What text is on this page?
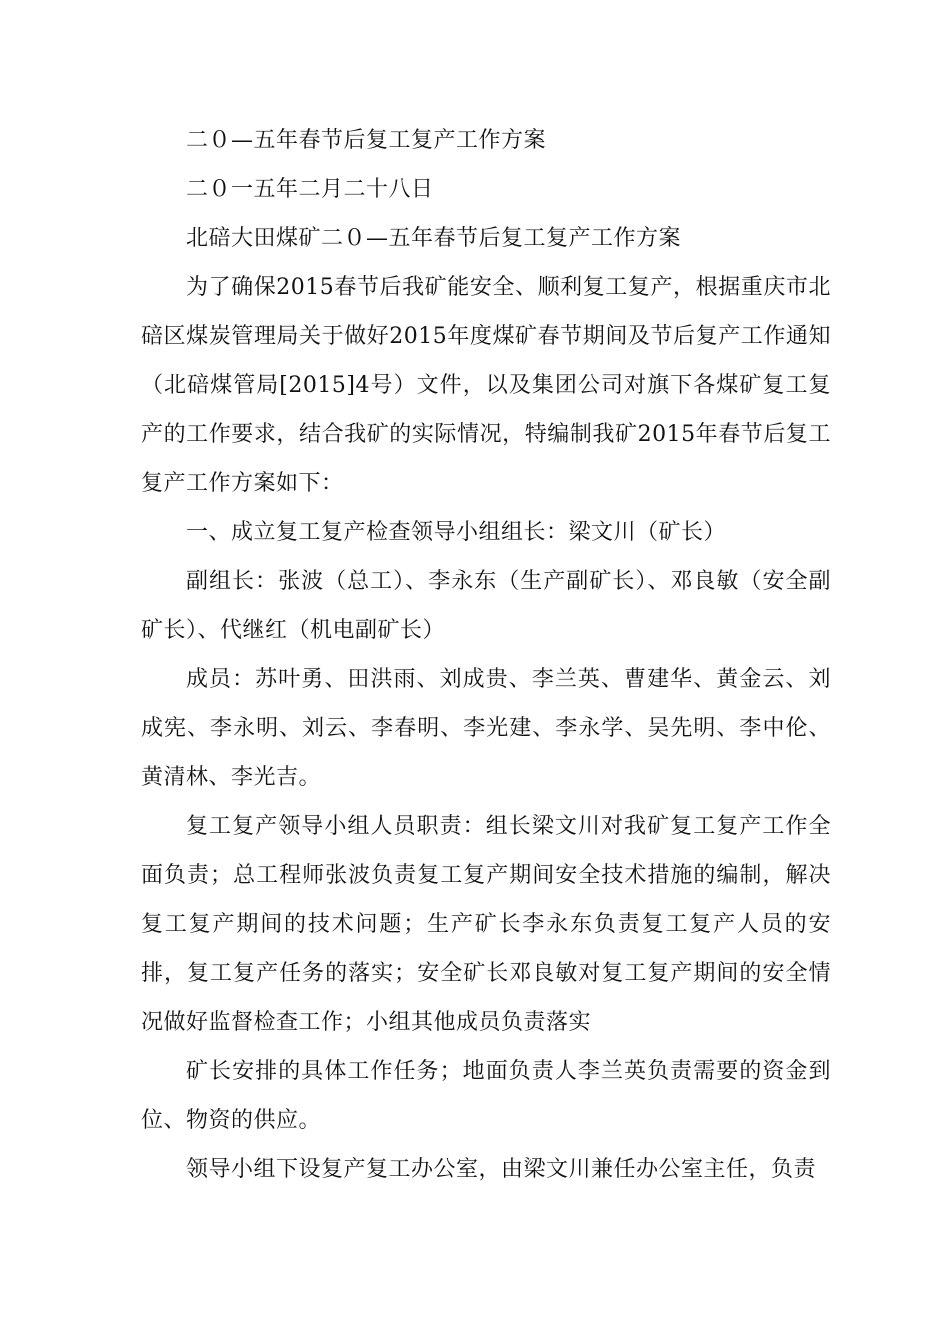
二０—五年春节后复工复产工作方案

二０一五年二月二十八日

北碚大田煤矿二０—五年春节后复工复产工作方案

为了确保2015春节后我矿能安全、顺利复工复产，根据重庆市北碚区煤炭管理局关于做好2015年度煤矿春节期间及节后复产工作通知（北碚煤管局[2015]4号）文件，以及集团公司对旗下各煤矿复工复产的工作要求，结合我矿的实际情况，特编制我矿2015年春节后复工复产工作方案如下：

一、成立复工复产检查领导小组组长：梁文川（矿长）

副组长：张波（总工）、李永东（生产副矿长）、邓良敏（安全副矿长）、代继红（机电副矿长）

成员：苏叶勇、田洪雨、刘成贵、李兰英、曹建华、黄金云、刘成宪、李永明、刘云、李春明、李光建、李永学、吴先明、李中伦、黄清林、李光吉。

复工复产领导小组人员职责：组长梁文川对我矿复工复产工作全面负责；总工程师张波负责复工复产期间安全技术措施的编制，解决复工复产期间的技术问题；生产矿长李永东负责复工复产人员的安排，复工复产任务的落实；安全矿长邓良敏对复工复产期间的安全情况做好监督检查工作；小组其他成员负责落实

矿长安排的具体工作任务；地面负责人李兰英负责需要的资金到位、物资的供应。

领导小组下设复产复工办公室，由梁文川兼任办公室主任，负责
